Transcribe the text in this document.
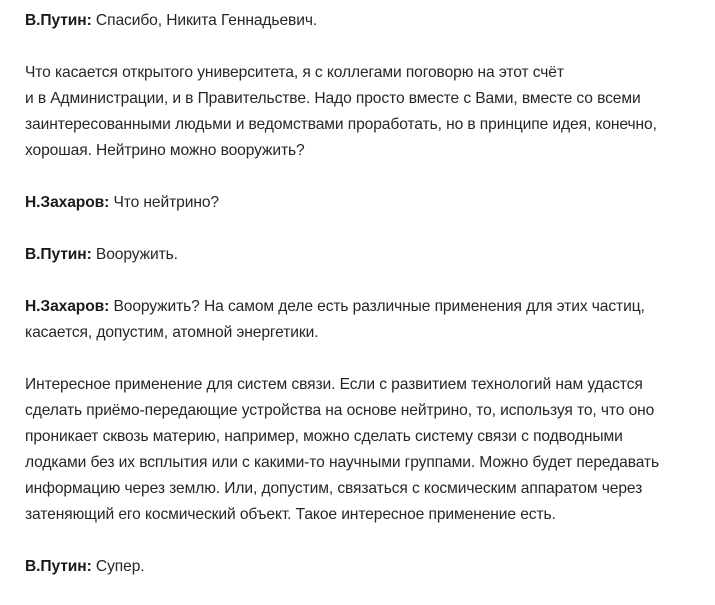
В.Путин: Спасибо, Никита Геннадьевич.

Что касается открытого университета, я с коллегами поговорю на этот счёт
и в Администрации, и в Правительстве. Надо просто вместе с Вами, вместе со всеми
заинтересованными людьми и ведомствами проработать, но в принципе идея, конечно,
хорошая. Нейтрино можно вооружить?

Н.Захаров: Что нейтрино?

В.Путин: Вооружить.

Н.Захаров: Вооружить? На самом деле есть различные применения для этих частиц,
касается, допустим, атомной энергетики.

Интересное применение для систем связи. Если с развитием технологий нам удастся
сделать приёмо-передающие устройства на основе нейтрино, то, используя то, что оно
проникает сквозь материю, например, можно сделать систему связи с подводными
лодками без их всплытия или с какими-то научными группами. Можно будет передавать
информацию через землю. Или, допустим, связаться с космическим аппаратом через
затеняющий его космический объект. Такое интересное применение есть.

В.Путин: Супер.
